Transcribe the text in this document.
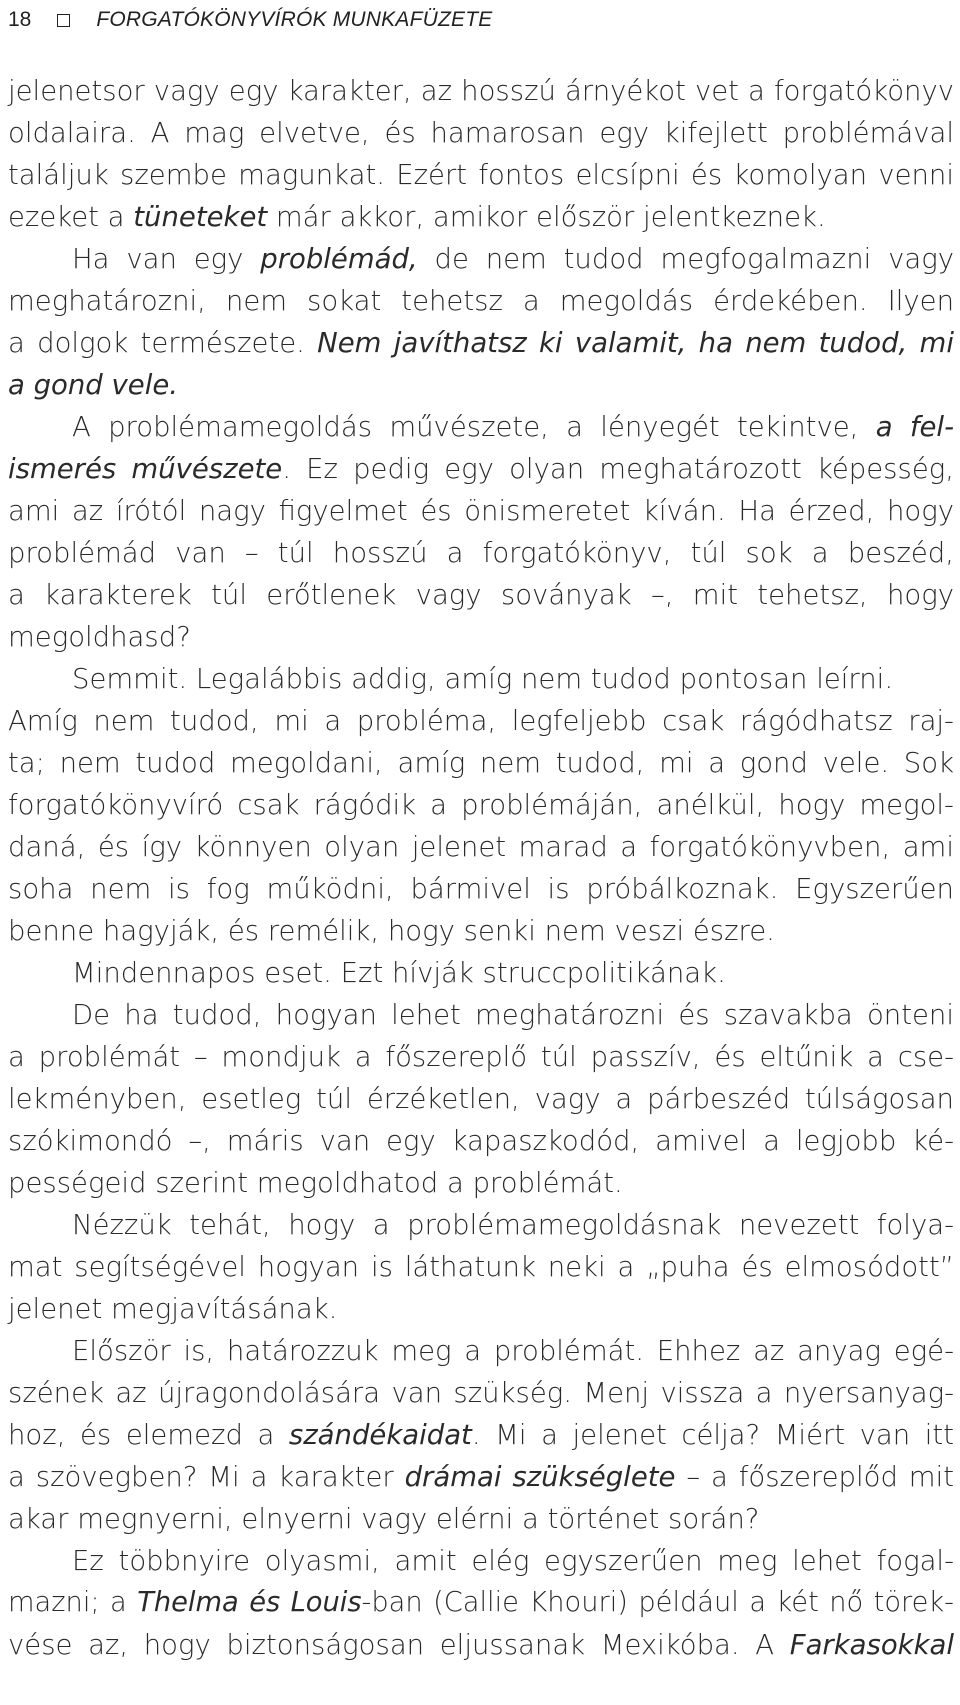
18	FORGATÓKÖNYVÍRÓK MUNKAFÜZETE
jelenetsor vagy egy karakter, az hosszú árnyékot vet a forgatókönyv
oldalaira. A mag elvetve, és hamarosan egy kifejlett problémával
találjuk szembe magunkat. Ezért fontos elcsípni és komolyan venni
ezeket a tüneteket már akkor, amikor először jelentkeznek.
Ha van egy problémád, de nem tudod megfogalmazni vagy
meghatározni, nem sokat tehetsz a megoldás érdekében. Ilyen
a dolgok természete. Nem javíthatsz ki valamit, ha nem tudod, mi
a gond vele.
A problémamegoldás művészete, a lényegét tekintve, a fel-
ismerés művészete. Ez pedig egy olyan meghatározott képesség,
ami az írótól nagy figyelmet és önismeretet kíván. Ha érzed, hogy
problémád van – túl hosszú a forgatókönyv, túl sok a beszéd,
a karakterek túl erőtlenek vagy soványak –, mit tehetsz, hogy
megoldhasd?
Semmit. Legalábbis addig, amíg nem tudod pontosan leírni.
Amíg nem tudod, mi a probléma, legfeljebb csak rágódhatsz raj-
ta; nem tudod megoldani, amíg nem tudod, mi a gond vele. Sok
forgatókönyvíró csak rágódik a problémáján, anélkül, hogy megol-
daná, és így könnyen olyan jelenet marad a forgatókönyvben, ami
soha nem is fog működni, bármivel is próbálkoznak. Egyszerűen
benne hagyják, és remélik, hogy senki nem veszi észre.
Mindennapos eset. Ezt hívják struccpolitikának.
De ha tudod, hogyan lehet meghatározni és szavakba önteni
a problémát – mondjuk a főszereplő túl passzív, és eltűnik a cse-
lekményben, esetleg túl érzéketlen, vagy a párbeszéd túlságosan
szókimondó –, máris van egy kapaszkodód, amivel a legjobb ké-
pességeid szerint megoldhatod a problémát.
Nézzük tehát, hogy a problémamegoldásnak nevezett folya-
mat segítségével hogyan is láthatunk neki a „puha és elmosódott”
jelenet megjavításának.
Először is, határozzuk meg a problémát. Ehhez az anyag egé-
szének az újragondolására van szükség. Menj vissza a nyersanyag-
hoz, és elemezd a szándékaidat. Mi a jelenet célja? Miért van itt
a szövegben? Mi a karakter drámai szükséglete – a főszereplőd mit
akar megnyerni, elnyerni vagy elérni a történet során?
Ez többnyire olyasmi, amit elég egyszerűen meg lehet fogal-
mazni; a Thelma és Louis-ban (Callie Khouri) például a két nő törek-
vése az, hogy biztonságosan eljussanak Mexikóba. A Farkasokkal
